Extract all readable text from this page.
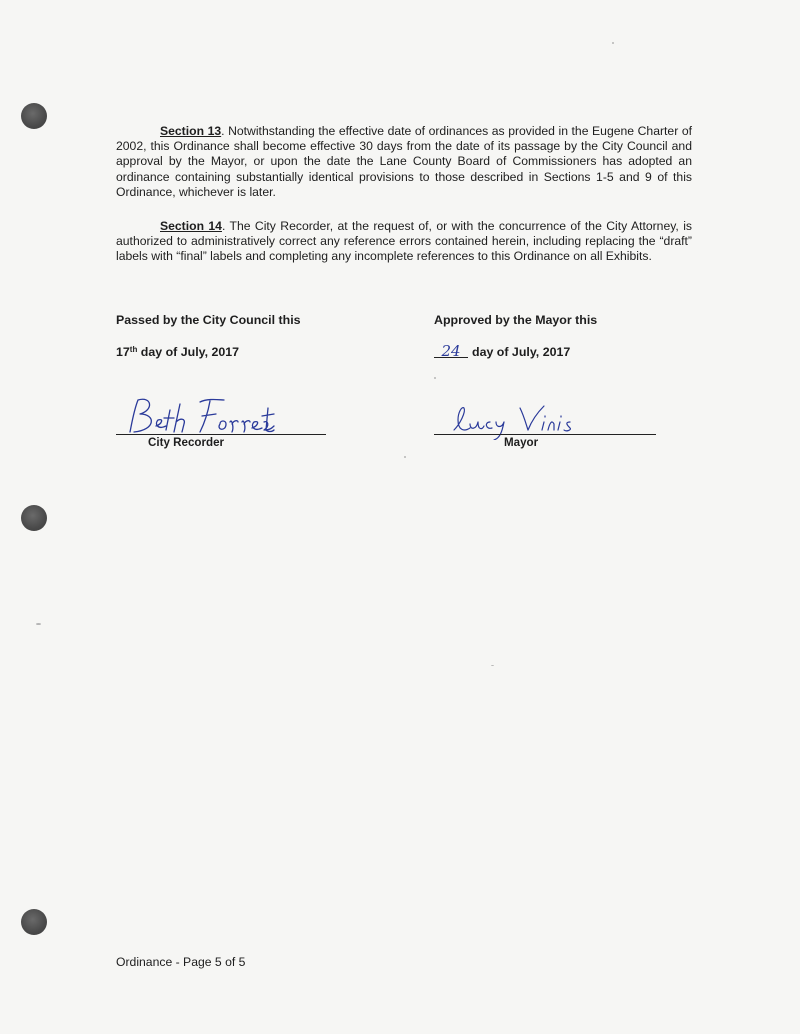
Section 13. Notwithstanding the effective date of ordinances as provided in the Eugene Charter of 2002, this Ordinance shall become effective 30 days from the date of its passage by the City Council and approval by the Mayor, or upon the date the Lane County Board of Commissioners has adopted an ordinance containing substantially identical provisions to those described in Sections 1-5 and 9 of this Ordinance, whichever is later.

Section 14. The City Recorder, at the request of, or with the concurrence of the City Attorney, is authorized to administratively correct any reference errors contained herein, including replacing the “draft” labels with “final” labels and completing any incomplete references to this Ordinance on all Exhibits.

Passed by the City Council this

17th day of July, 2017

Approved by the Mayor this

24 day of July, 2017

City Recorder	Mayor

Ordinance - Page 5 of 5
